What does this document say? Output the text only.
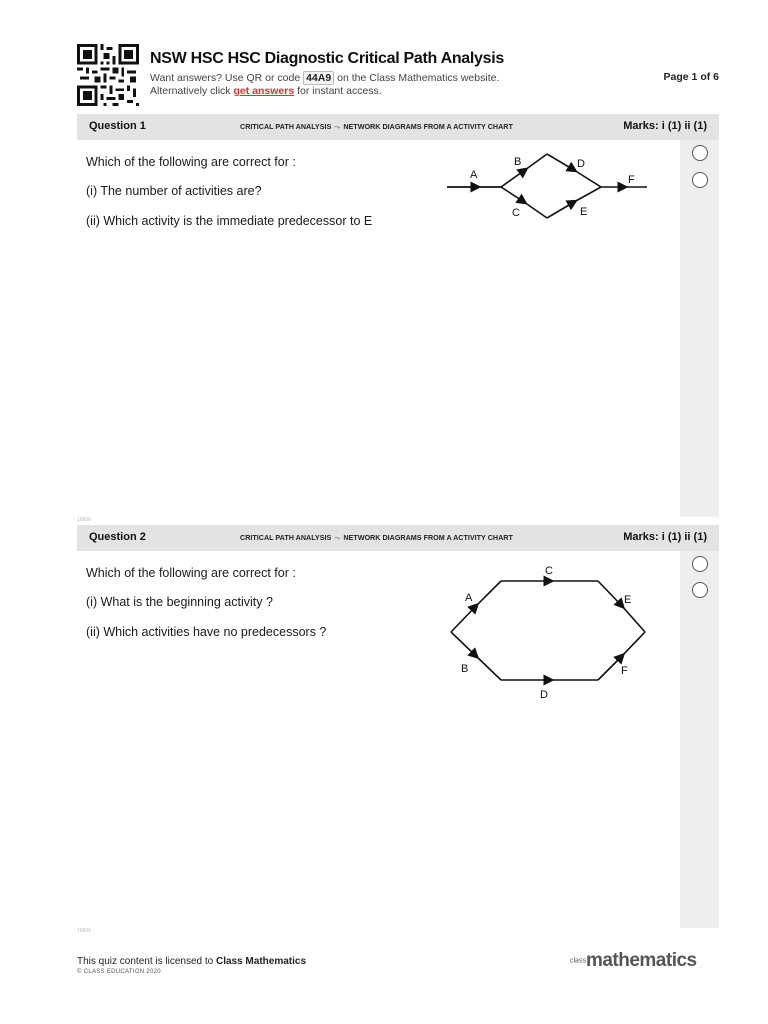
NSW HSC HSC Diagnostic Critical Path Analysis
Want answers? Use QR or code 44A9 on the Class Mathematics website.
Alternatively click get answers for instant access.
Page 1 of 6
Question 1	CRITICAL PATH ANALYSIS ⤳ NETWORK DIAGRAMS FROM A ACTIVITY CHART	Marks: i (1) ii (1)
Which of the following are correct for :
(i) The number of activities are?
(ii) Which activity is the immediate predecessor to E
A
B
C
D
E
F
16808
Question 2	CRITICAL PATH ANALYSIS ⤳ NETWORK DIAGRAMS FROM A ACTIVITY CHART	Marks: i (1) ii (1)
Which of the following are correct for :
(i) What is the beginning activity ?
(ii) Which activities have no predecessors ?
A
B
C
D
E
F
16809
This quiz content is licensed to Class Mathematics
© CLASS EDUCATION 2020
classmathematics
